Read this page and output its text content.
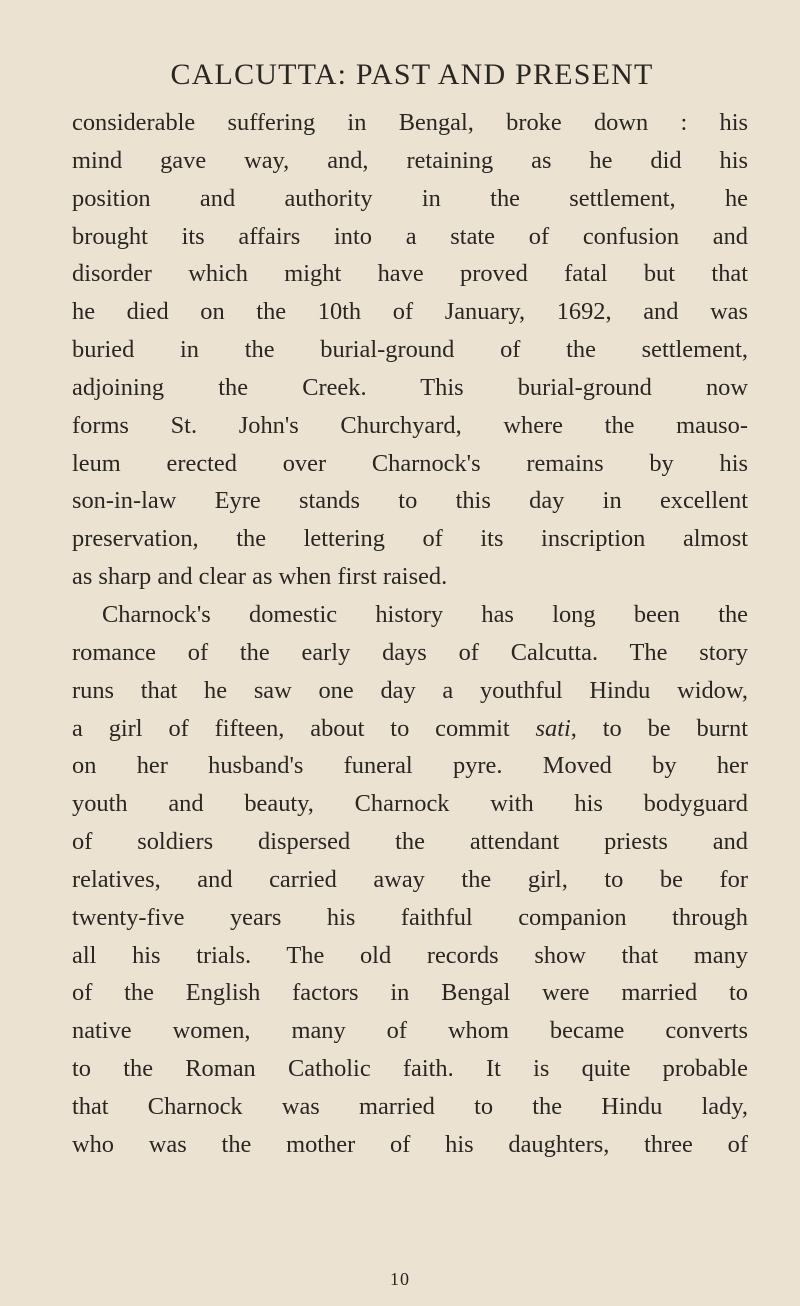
CALCUTTA: PAST AND PRESENT
considerable suffering in Bengal, broke down : his
mind gave way, and, retaining as he did his
position and authority in the settlement, he
brought its affairs into a state of confusion and
disorder which might have proved fatal but that
he died on the 10th of January, 1692, and was
buried in the burial-ground of the settlement,
adjoining the Creek. This burial-ground now
forms St. John's Churchyard, where the mauso-
leum erected over Charnock's remains by his
son-in-law Eyre stands to this day in excellent
preservation, the lettering of its inscription almost
as sharp and clear as when first raised.
Charnock's domestic history has long been the
romance of the early days of Calcutta. The story
runs that he saw one day a youthful Hindu widow,
a girl of fifteen, about to commit sati, to be burnt
on her husband's funeral pyre. Moved by her
youth and beauty, Charnock with his bodyguard
of soldiers dispersed the attendant priests and
relatives, and carried away the girl, to be for
twenty-five years his faithful companion through
all his trials. The old records show that many
of the English factors in Bengal were married to
native women, many of whom became converts
to the Roman Catholic faith. It is quite probable
that Charnock was married to the Hindu lady,
who was the mother of his daughters, three of
10
